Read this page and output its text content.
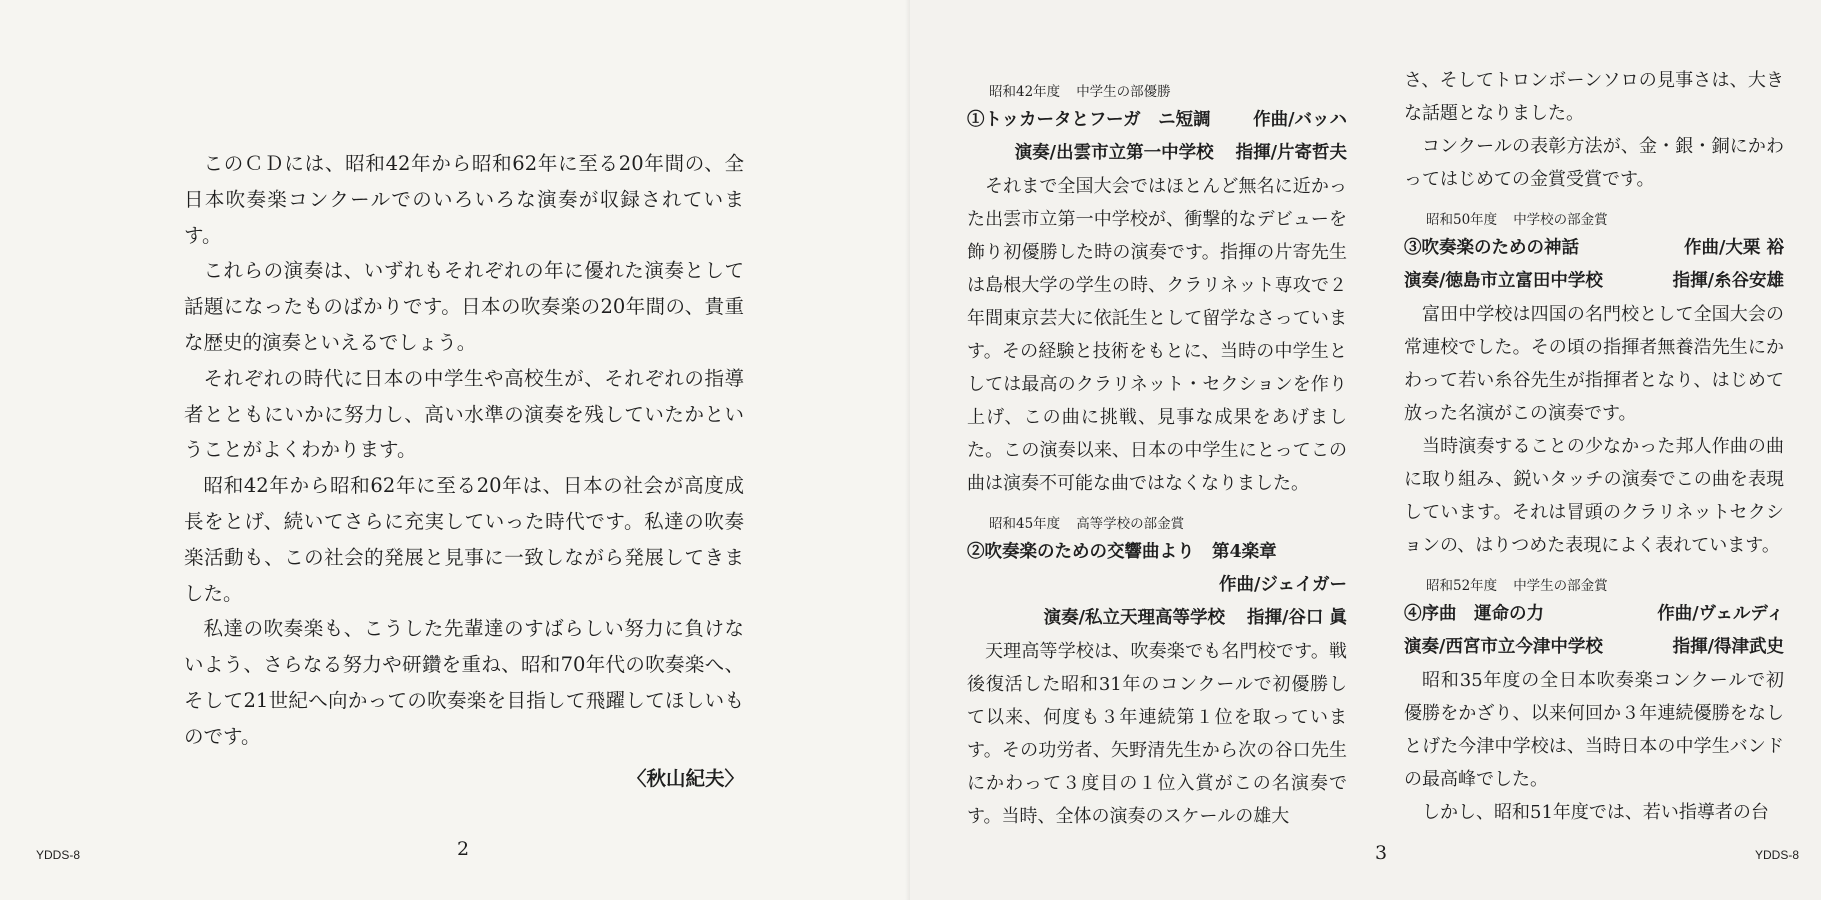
このＣＤには、昭和42年から昭和62年に至る20年間の、全日本吹奏楽コンクールでのいろいろな演奏が収録されています。

これらの演奏は、いずれもそれぞれの年に優れた演奏として話題になったものばかりです。日本の吹奏楽の20年間の、貴重な歴史的演奏といえるでしょう。

それぞれの時代に日本の中学生や高校生が、それぞれの指導者とともにいかに努力し、高い水準の演奏を残していたかということがよくわかります。

昭和42年から昭和62年に至る20年は、日本の社会が高度成長をとげ、続いてさらに充実していった時代です。私達の吹奏楽活動も、この社会的発展と見事に一致しながら発展してきました。

私達の吹奏楽も、こうした先輩達のすばらしい努力に負けないよう、さらなる努力や研鑽を重ね、昭和70年代の吹奏楽へ、そして21世紀へ向かっての吹奏楽を目指して飛躍してほしいものです。

〈秋山紀夫〉

YDDS-8	2	YDDS-8
3
昭和42年度 中学生の部優勝
①トッカータとフーガ　ニ短調 作曲/バッハ
演奏/出雲市立第一中学校 指揮/片寄哲夫

それまで全国大会ではほとんど無名に近かった出雲市立第一中学校が、衝撃的なデビューを飾り初優勝した時の演奏です。指揮の片寄先生は島根大学の学生の時、クラリネット専攻で２年間東京芸大に依託生として留学なさっています。その経験と技術をもとに、当時の中学生としては最高のクラリネット・セクションを作り上げ、この曲に挑戦、見事な成果をあげました。この演奏以来、日本の中学生にとってこの曲は演奏不可能な曲ではなくなりました。

昭和45年度 高等学校の部金賞
②吹奏楽のための交響曲より　第4楽章
作曲/ジェイガー
演奏/私立天理高等学校 指揮/谷口 眞

天理高等学校は、吹奏楽でも名門校です。戦後復活した昭和31年のコンクールで初優勝して以来、何度も３年連続第１位を取っています。その功労者、矢野清先生から次の谷口先生にかわって３度目の１位入賞がこの名演奏です。当時、全体の演奏のスケールの雄大

さ、そしてトロンボーンソロの見事さは、大きな話題となりました。

コンクールの表彰方法が、金・銀・銅にかわってはじめての金賞受賞です。

昭和50年度 中学校の部金賞
③吹奏楽のための神話	作曲/大栗 裕
演奏/徳島市立富田中学校	指揮/糸谷安雄

富田中学校は四国の名門校として全国大会の常連校でした。その頃の指揮者無養浩先生にかわって若い糸谷先生が指揮者となり、はじめて放った名演がこの演奏です。

当時演奏することの少なかった邦人作曲の曲に取り組み、鋭いタッチの演奏でこの曲を表現しています。それは冒頭のクラリネットセクションの、はりつめた表現によく表れています。

昭和52年度 中学生の部金賞
④序曲　運命の力	作曲/ヴェルディ
演奏/西宮市立今津中学校	指揮/得津武史

昭和35年度の全日本吹奏楽コンクールで初優勝をかざり、以来何回か３年連続優勝をなしとげた今津中学校は、当時日本の中学生バンドの最高峰でした。

しかし、昭和51年度では、若い指導者の台
